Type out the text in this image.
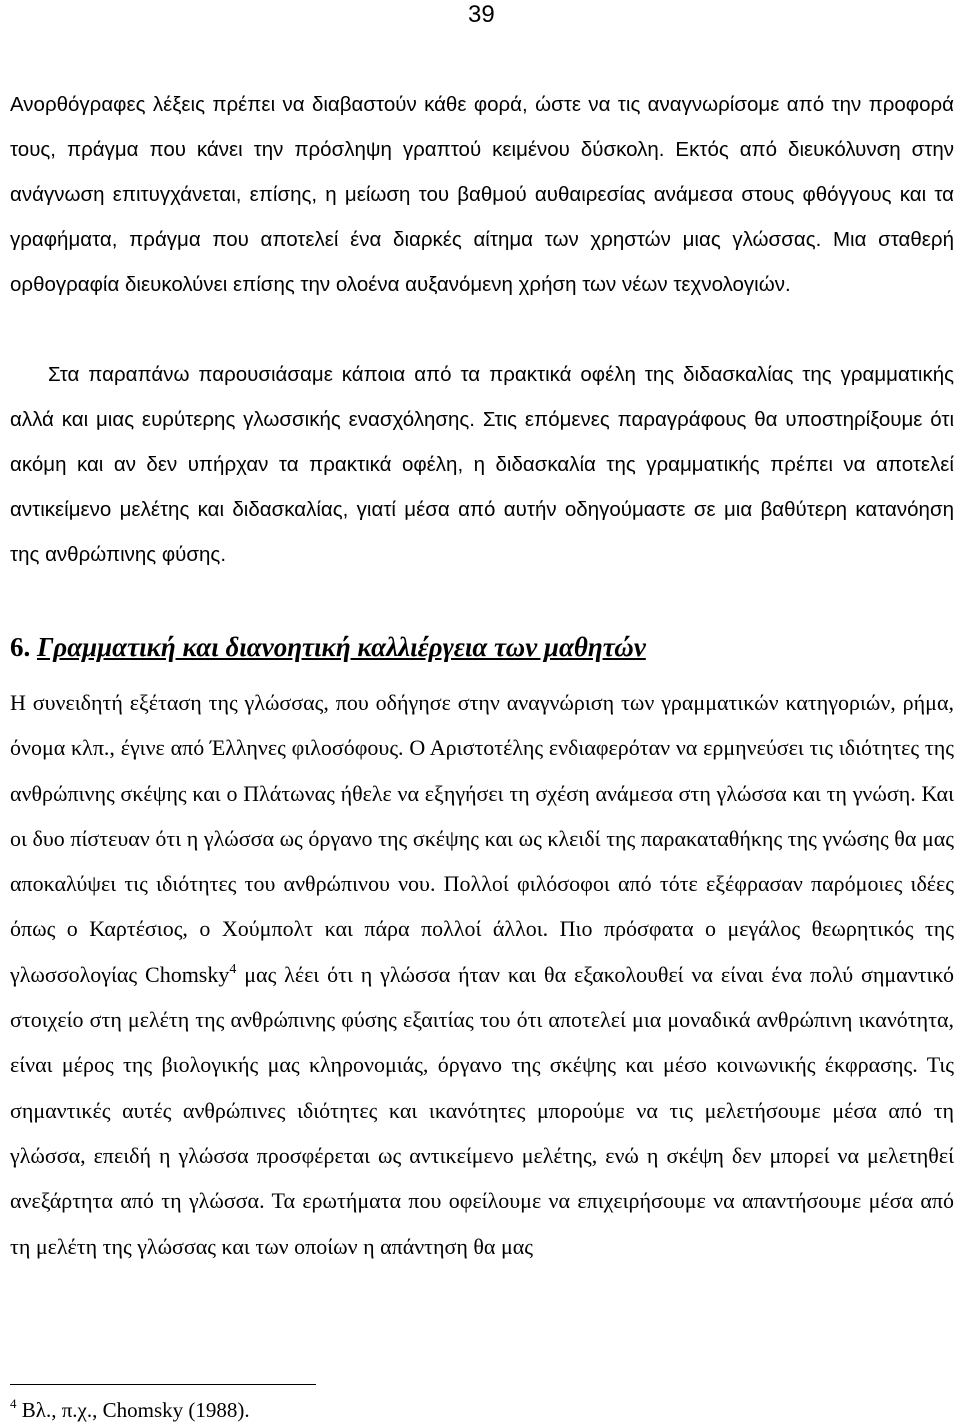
39

Ανορθόγραφες λέξεις πρέπει να διαβαστούν κάθε φορά, ώστε να τις αναγνωρίσομε από την προφορά τους, πράγμα που κάνει την πρόσληψη γραπτού κειμένου δύσκολη. Εκτός από διευκόλυνση στην ανάγνωση επιτυγχάνεται, επίσης, η μείωση του βαθμού αυθαιρεσίας ανάμεσα στους φθόγγους και τα γραφήματα, πράγμα που αποτελεί ένα διαρκές αίτημα των χρηστών μιας γλώσσας. Μια σταθερή ορθογραφία διευκολύνει επίσης την ολοένα αυξανόμενη χρήση των νέων τεχνολογιών.

Στα παραπάνω παρουσιάσαμε κάποια από τα πρακτικά οφέλη της διδασκαλίας της γραμματικής αλλά και μιας ευρύτερης γλωσσικής ενασχόλησης. Στις επόμενες παραγράφους θα υποστηρίξουμε ότι ακόμη και αν δεν υπήρχαν τα πρακτικά οφέλη, η διδασκαλία της γραμματικής πρέπει να αποτελεί αντικείμενο μελέτης και διδασκαλίας, γιατί μέσα από αυτήν οδηγούμαστε σε μια βαθύτερη κατανόηση της ανθρώπινης φύσης.

6. Γραμματική και διανοητική καλλιέργεια των μαθητών

Η συνειδητή εξέταση της γλώσσας, που οδήγησε στην αναγνώριση των γραμματικών κατηγοριών, ρήμα, όνομα κλπ., έγινε από Έλληνες φιλοσόφους. Ο Αριστοτέλης ενδιαφερόταν να ερμηνεύσει τις ιδιότητες της ανθρώπινης σκέψης και ο Πλάτωνας ήθελε να εξηγήσει τη σχέση ανάμεσα στη γλώσσα και τη γνώση. Και οι δυο πίστευαν ότι η γλώσσα ως όργανο της σκέψης και ως κλειδί της παρακαταθήκης της γνώσης θα μας αποκαλύψει τις ιδιότητες του ανθρώπινου νου. Πολλοί φιλόσοφοι από τότε εξέφρασαν παρόμοιες ιδέες όπως ο Καρτέσιος, ο Χούμπολτ και πάρα πολλοί άλλοι. Πιο πρόσφατα ο μεγάλος θεωρητικός της γλωσσολογίας Chomsky$^4$ μας λέει ότι η γλώσσα ήταν και θα εξακολουθεί να είναι ένα πολύ σημαντικό στοιχείο στη μελέτη της ανθρώπινης φύσης εξαιτίας του ότι αποτελεί μια μοναδικά ανθρώπινη ικανότητα, είναι μέρος της βιολογικής μας κληρονομιάς, όργανο της σκέψης και μέσο κοινωνικής έκφρασης. Τις σημαντικές αυτές ανθρώπινες ιδιότητες και ικανότητες μπορούμε να τις μελετήσουμε μέσα από τη γλώσσα, επειδή η γλώσσα προσφέρεται ως αντικείμενο μελέτης, ενώ η σκέψη δεν μπορεί να μελετηθεί ανεξάρτητα από τη γλώσσα. Τα ερωτήματα που οφείλουμε να επιχειρήσουμε να απαντήσουμε μέσα από τη μελέτη της γλώσσας και των οποίων η απάντηση θα μας

$^4$ Βλ., π.χ., Chomsky (1988).
